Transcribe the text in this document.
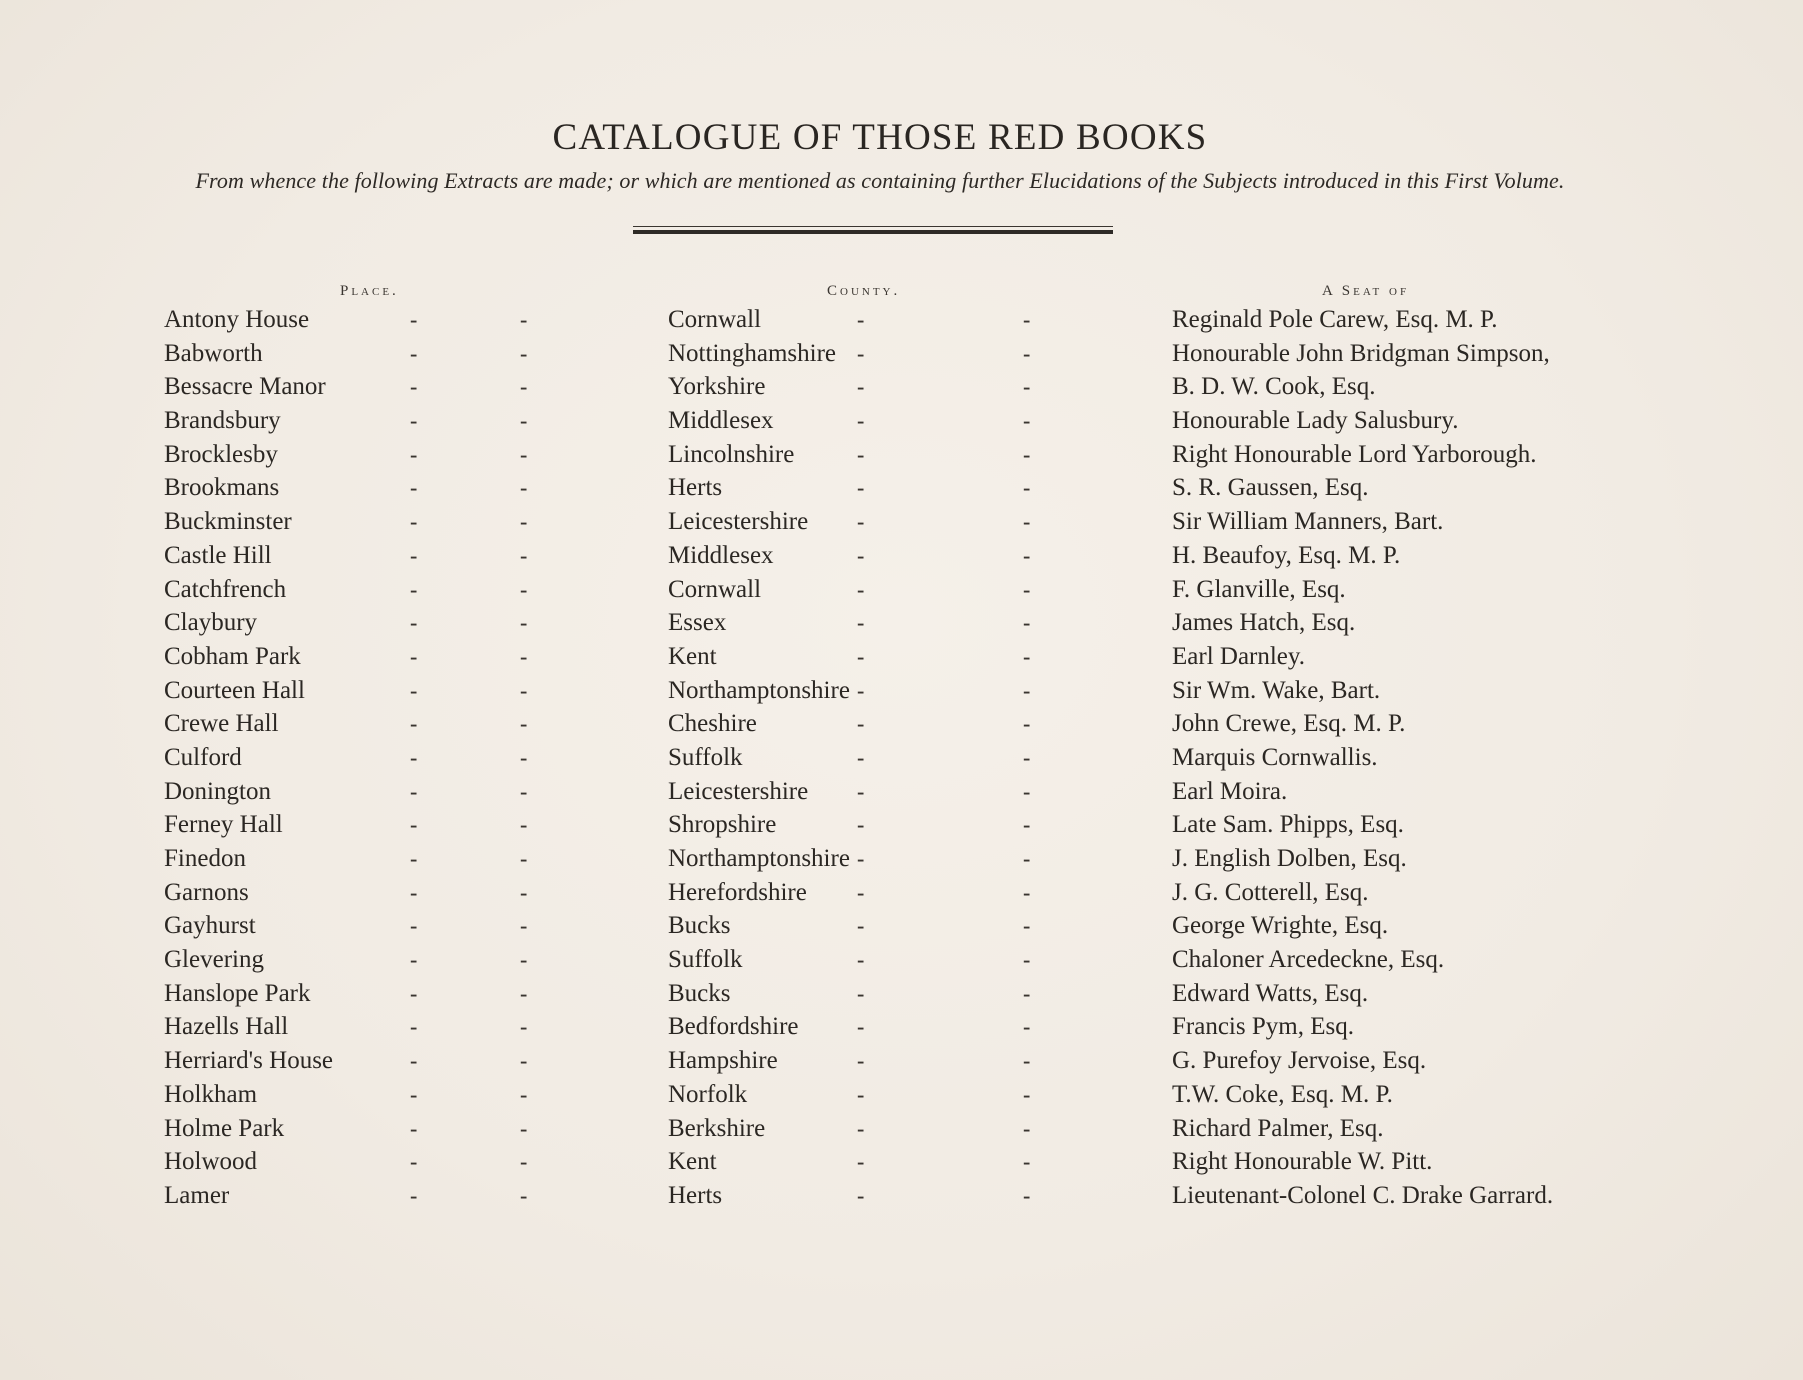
CATALOGUE OF THOSE RED BOOKS
From whence the following Extracts are made; or which are mentioned as containing further Elucidations of the Subjects introduced in this First Volume.
Place.	County.	A Seat of
Antony House	-	-	Cornwall	-	-	Reginald Pole Carew, Esq. M. P.
Babworth	-	-	Nottinghamshire -	-	Honourable John Bridgman Simpson,
Bessacre Manor	-	-	Yorkshire	-	-	B. D. W. Cook, Esq.
Brandsbury	-	-	Middlesex	-	-	Honourable Lady Salusbury.
Brocklesby	-	-	Lincolnshire	-	-	Right Honourable Lord Yarborough.
Brookmans	-	-	Herts	-	-	S. R. Gaussen, Esq.
Buckminster	-	-	Leicestershire -	-	Sir William Manners, Bart.
Castle Hill	-	-	Middlesex	-	-	H. Beaufoy, Esq. M. P.
Catchfrench	-	-	Cornwall	-	-	F. Glanville, Esq.
Claybury	-	-	Essex	-	-	James Hatch, Esq.
Cobham Park	-	-	Kent	-	-	Earl Darnley.
Courteen Hall	-	-	Northamptonshire -	-	Sir Wm. Wake, Bart.
Crewe Hall	-	-	Cheshire	-	-	John Crewe, Esq. M. P.
Culford	-	-	Suffolk	-	-	Marquis Cornwallis.
Donington	-	-	Leicestershire -	-	Earl Moira.
Ferney Hall	-	-	Shropshire	-	-	Late Sam. Phipps, Esq.
Finedon	-	-	Northamptonshire -	-	J. English Dolben, Esq.
Garnons	-	-	Herefordshire -	-	J. G. Cotterell, Esq.
Gayhurst	-	-	Bucks	-	-	George Wrighte, Esq.
Glevering	-	-	Suffolk	-	-	Chaloner Arcedeckne, Esq.
Hanslope Park	-	-	Bucks	-	-	Edward Watts, Esq.
Hazells Hall	-	-	Bedfordshire	-	-	Francis Pym, Esq.
Herriard's House	-	-	Hampshire	-	-	G. Purefoy Jervoise, Esq.
Holkham	-	-	Norfolk	-	-	T.W. Coke, Esq. M. P.
Holme Park	-	-	Berkshire	-	-	Richard Palmer, Esq.
Holwood	-	-	Kent	-	-	Right Honourable W. Pitt.
Lamer	-	-	Herts	-	-	Lieutenant-Colonel C. Drake Garrard.
